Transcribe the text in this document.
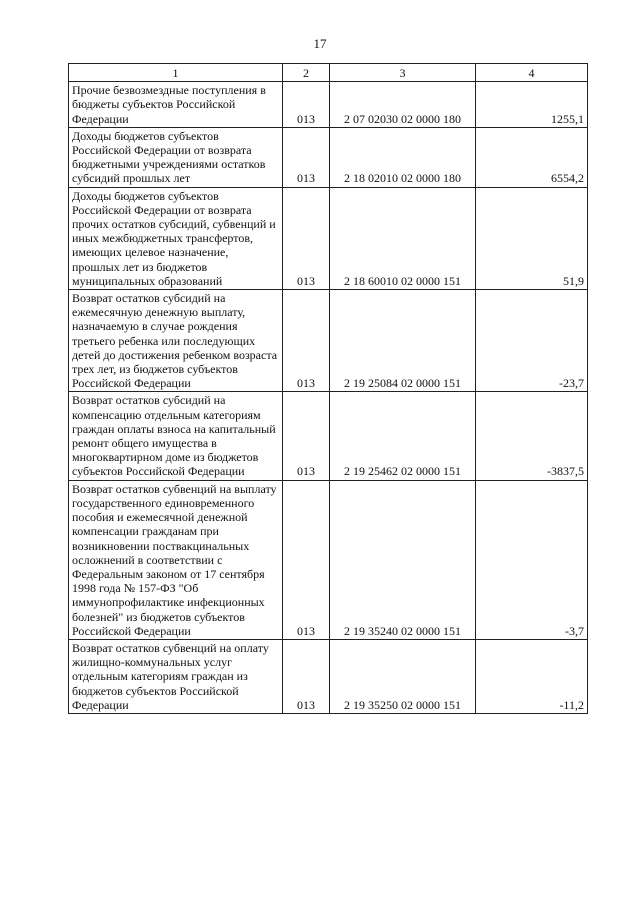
17
1	2	3	4
Прочие безвозмездные поступления в бюджеты субъектов Российской Федерации	013	2 07 02030 02 0000 180	1255,1
Доходы бюджетов субъектов Российской Федерации от возврата бюджетными учреждениями остатков субсидий прошлых лет	013	2 18 02010 02 0000 180	6554,2
Доходы бюджетов субъектов Российской Федерации от возврата прочих остатков субсидий, субвенций и иных межбюджетных трансфертов, имеющих целевое назначение, прошлых лет из бюджетов муниципальных образований	013	2 18 60010 02 0000 151	51,9
Возврат остатков субсидий на ежемесячную денежную выплату, назначаемую в случае рождения третьего ребенка или последующих детей до достижения ребенком возраста трех лет, из бюджетов субъектов Российской Федерации	013	2 19 25084 02 0000 151	-23,7
Возврат остатков субсидий на компенсацию отдельным категориям граждан оплаты взноса на капитальный ремонт общего имущества в многоквартирном доме из бюджетов субъектов Российской Федерации	013	2 19 25462 02 0000 151	-3837,5
Возврат остатков субвенций на выплату государственного единовременного пособия и ежемесячной денежной компенсации гражданам при возникновении поствакцинальных осложнений в соответствии с Федеральным законом от 17 сентября 1998 года № 157-ФЗ "Об иммунопрофилактике инфекционных болезней" из бюджетов субъектов Российской Федерации	013	2 19 35240 02 0000 151	-3,7
Возврат остатков субвенций на оплату жилищно-коммунальных услуг отдельным категориям граждан из бюджетов субъектов Российской Федерации	013	2 19 35250 02 0000 151	-11,2
